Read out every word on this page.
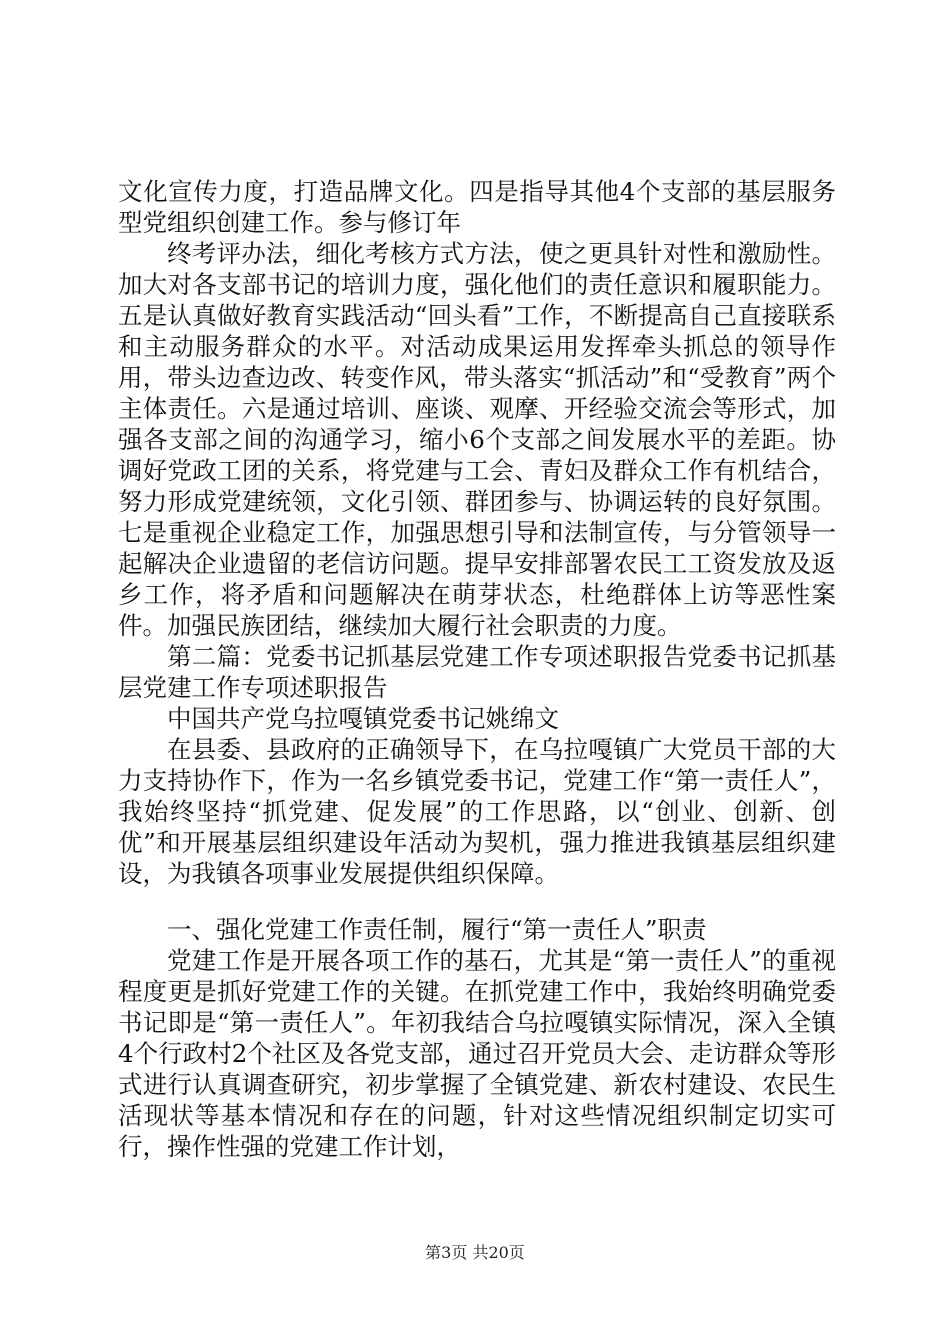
文化宣传力度，打造品牌文化。四是指导其他4个支部的基层服务型党组织创建工作。参与修订年

终考评办法，细化考核方式方法，使之更具针对性和激励性。加大对各支部书记的培训力度，强化他们的责任意识和履职能力。五是认真做好教育实践活动“回头看”工作，不断提高自己直接联系和主动服务群众的水平。对活动成果运用发挥牵头抓总的领导作用，带头边查边改、转变作风，带头落实“抓活动”和“受教育”两个主体责任。六是通过培训、座谈、观摩、开经验交流会等形式，加强各支部之间的沟通学习，缩小6个支部之间发展水平的差距。协调好党政工团的关系，将党建与工会、青妇及群众工作有机结合，努力形成党建统领，文化引领、群团参与、协调运转的良好氛围。七是重视企业稳定工作，加强思想引导和法制宣传，与分管领导一起解决企业遗留的老信访问题。提早安排部署农民工工资发放及返乡工作，将矛盾和问题解决在萌芽状态，杜绝群体上访等恶性案件。加强民族团结，继续加大履行社会职责的力度。

第二篇：党委书记抓基层党建工作专项述职报告党委书记抓基层党建工作专项述职报告

中国共产党乌拉嘎镇党委书记姚绵文

在县委、县政府的正确领导下，在乌拉嘎镇广大党员干部的大力支持协作下，作为一名乡镇党委书记，党建工作“第一责任人”，我始终坚持“抓党建、促发展”的工作思路，以“创业、创新、创优”和开展基层组织建设年活动为契机，强力推进我镇基层组织建设，为我镇各项事业发展提供组织保障。

一、强化党建工作责任制，履行“第一责任人”职责

党建工作是开展各项工作的基石，尤其是“第一责任人”的重视程度更是抓好党建工作的关键。在抓党建工作中，我始终明确党委书记即是“第一责任人”。年初我结合乌拉嘎镇实际情况，深入全镇4个行政村2个社区及各党支部，通过召开党员大会、走访群众等形式进行认真调查研究，初步掌握了全镇党建、新农村建设、农民生活现状等基本情况和存在的问题，针对这些情况组织制定切实可行，操作性强的党建工作计划，

第3页 共20页
